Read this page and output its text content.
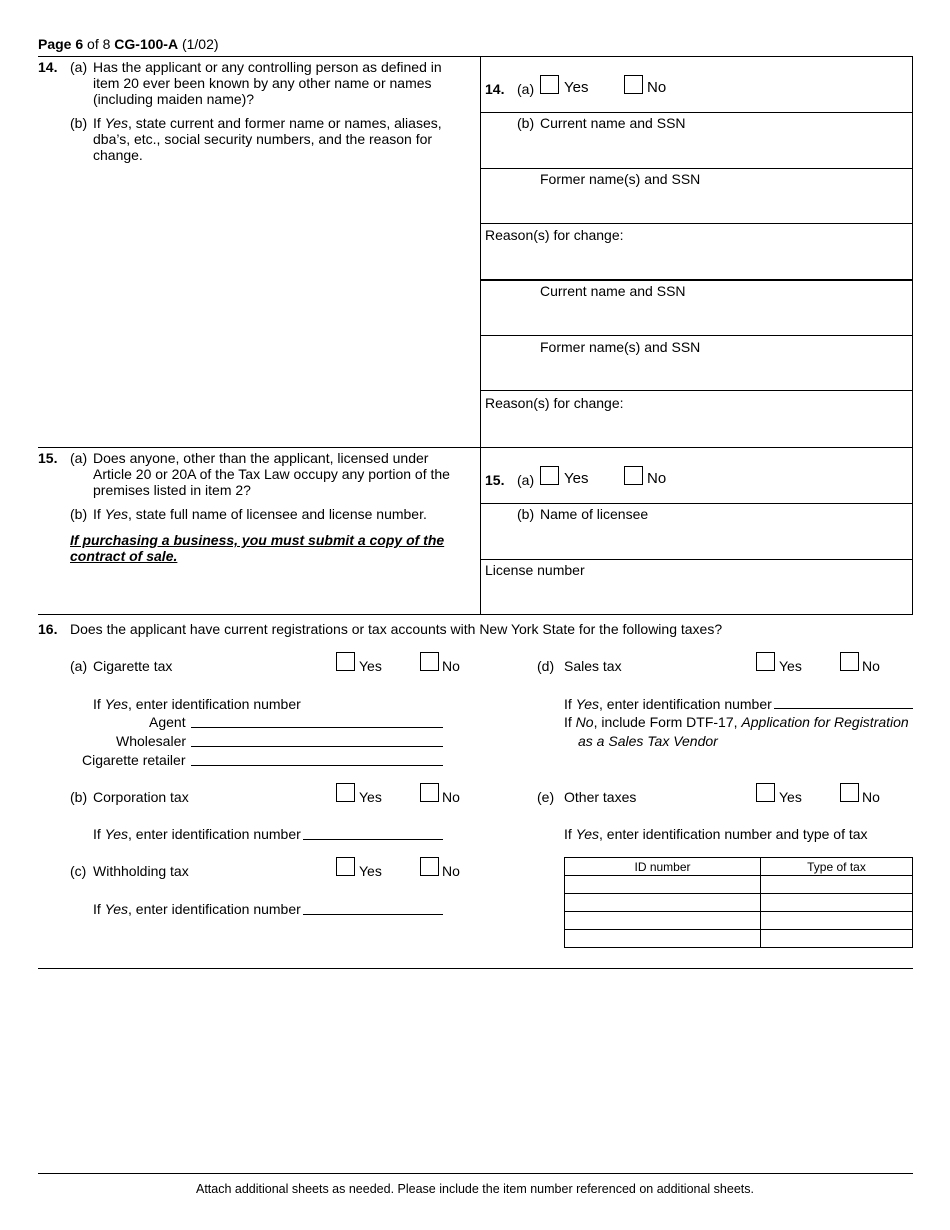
Page 6 of 8 CG-100-A (1/02)
14. (a) Has the applicant or any controlling person as defined in item 20 ever been known by any other name or names (including maiden name)?
(b) If Yes, state current and former name or names, aliases, dba’s, etc., social security numbers, and the reason for change.
14. (a) Yes	No
(b) Current name and SSN
Former name(s) and SSN
Reason(s) for change:
Current name and SSN
Former name(s) and SSN
Reason(s) for change:
15. (a) Does anyone, other than the applicant, licensed under Article 20 or 20A of the Tax Law occupy any portion of the premises listed in item 2?
(b) If Yes, state full name of licensee and license number.
If purchasing a business, you must submit a copy of the contract of sale.
15. (a) Yes	No
(b) Name of licensee
License number
16. Does the applicant have current registrations or tax accounts with New York State for the following taxes?
(a) Cigarette tax	Yes	No
If Yes, enter identification number
Agent
Wholesaler
Cigarette retailer
(b) Corporation tax	Yes	No
If Yes, enter identification number
(c) Withholding tax	Yes	No
If Yes, enter identification number
(d) Sales tax	Yes	No
If Yes, enter identification number
If No, include Form DTF-17, Application for Registration
as a Sales Tax Vendor
(e) Other taxes	Yes	No
If Yes, enter identification number and type of tax
ID number	Type of tax

Attach additional sheets as needed. Please include the item number referenced on additional sheets.
